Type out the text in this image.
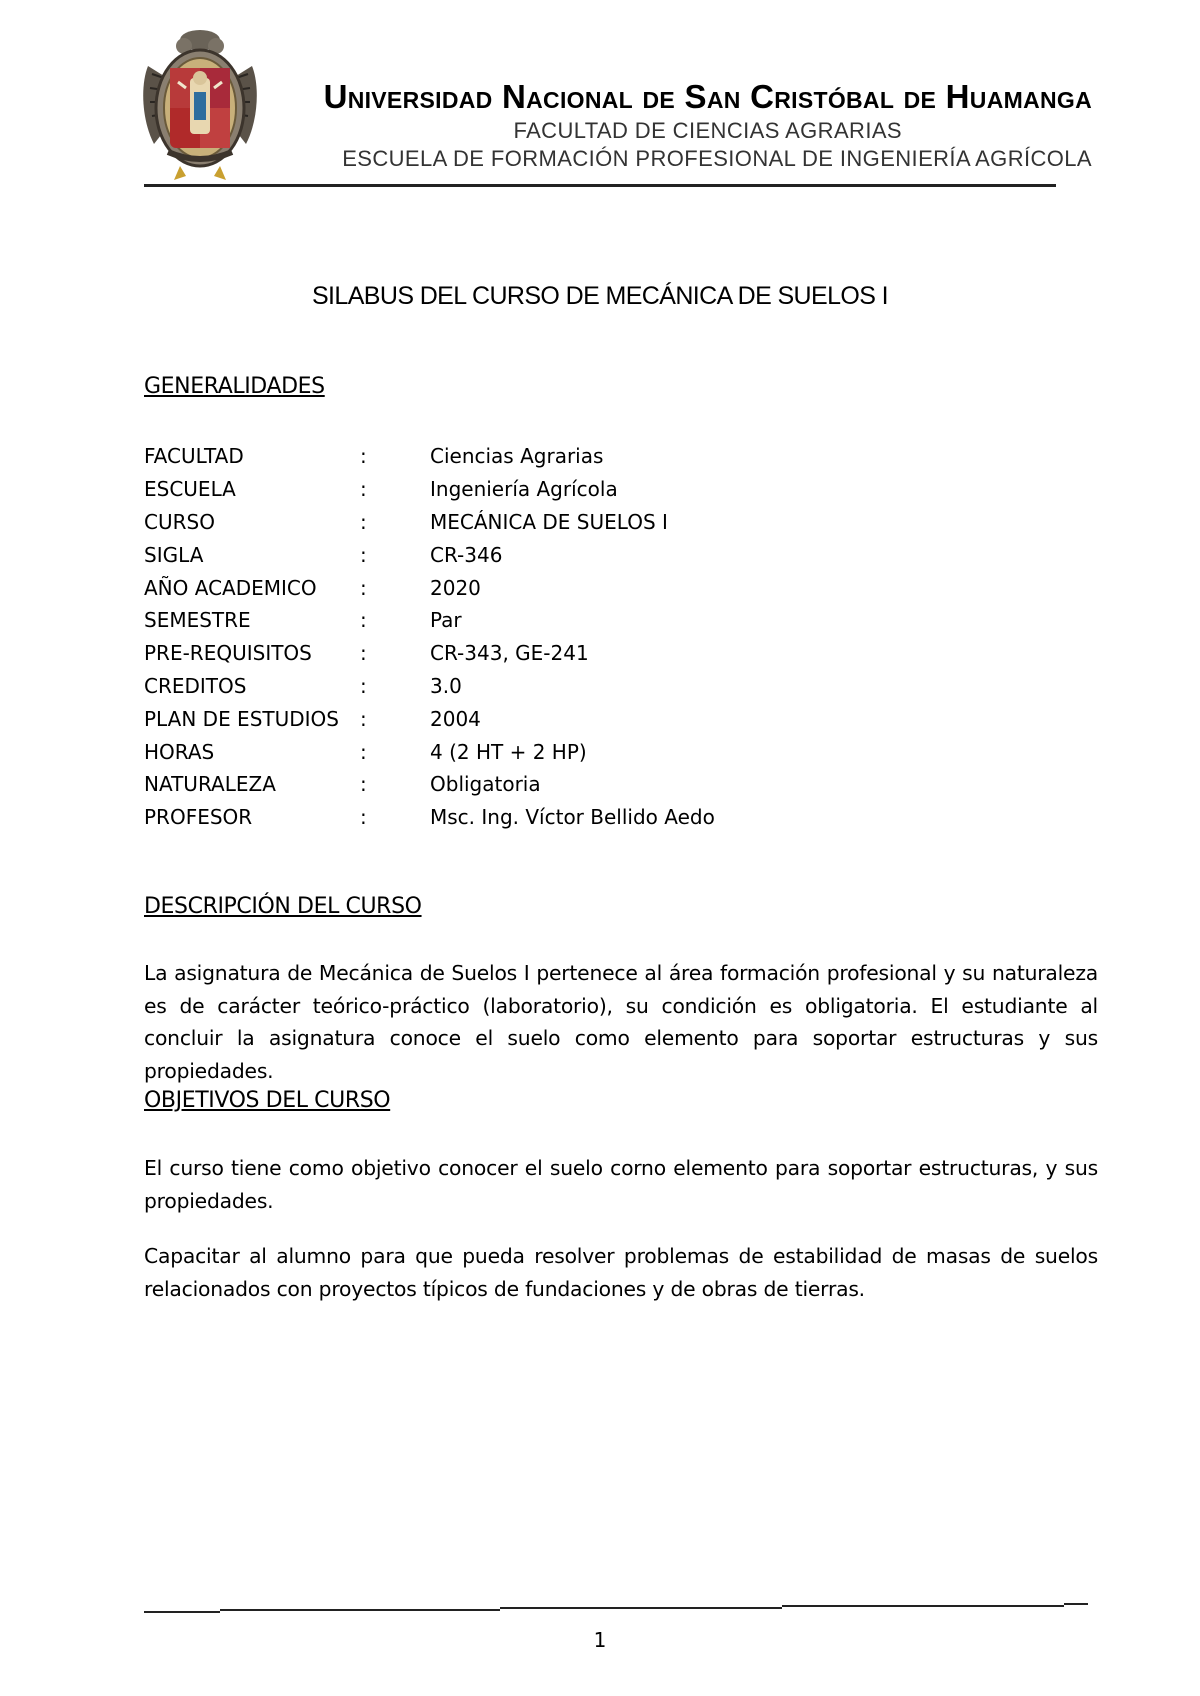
Universidad Nacional de San Cristóbal de Huamanga
FACULTAD DE CIENCIAS AGRARIAS
ESCUELA DE FORMACIÓN PROFESIONAL DE INGENIERÍA AGRÍCOLA
SILABUS DEL CURSO DE MECÁNICA DE SUELOS I
GENERALIDADES
FACULTAD	:	Ciencias Agrarias
ESCUELA	:	Ingeniería Agrícola
CURSO	:	MECÁNICA DE SUELOS I
SIGLA	:	CR-346
AÑO ACADEMICO	:	2020
SEMESTRE	:	Par
PRE-REQUISITOS	:	CR-343, GE-241
CREDITOS	:	3.0
PLAN DE ESTUDIOS	:	2004
HORAS	:	4 (2 HT + 2 HP)
NATURALEZA	:	Obligatoria
PROFESOR	:	Msc. Ing. Víctor Bellido Aedo
DESCRIPCIÓN DEL CURSO

La asignatura de Mecánica de Suelos I pertenece al área formación profesional y su naturaleza es de carácter teórico-práctico (laboratorio), su condición es obligatoria. El estudiante al concluir la asignatura conoce el suelo como elemento para soportar estructuras y sus propiedades.

OBJETIVOS DEL CURSO

El curso tiene como objetivo conocer el suelo corno elemento para soportar estructuras, y sus propiedades.

Capacitar al alumno para que pueda resolver problemas de estabilidad de masas de suelos relacionados con proyectos típicos de fundaciones y de obras de tierras.

1
